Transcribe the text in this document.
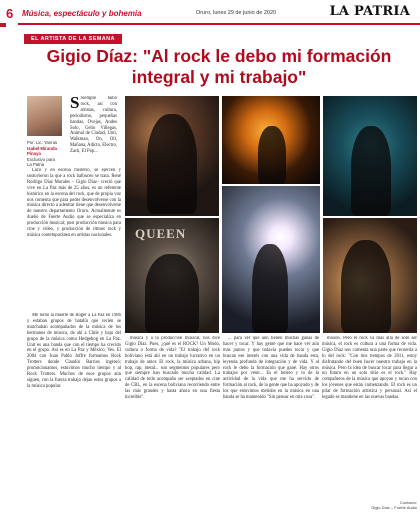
6 Música, espectáculo y bohemia	Oruro, lunes 29 de junio de 2020	LA PATRIA
EL ARTISTA DE LA SEMANA
Gigio Díaz: "Al rock le debo mi formación integral y mi trabajo"
Por: Lic. Yannia
Isabel Miranda Pinaya
Exclusivo para
La Patria
S Siempre hubo rock, así con artistas, cultura, periodismo, pequeñas bandas, Ovejas, Andes Solo, Gelio Villegas, Animal de Ciudad, Unti, Walkman, On, Oil, Mañana, Adicto, Electro, Zack, El Pop...

Loro y en escena misterio, se ejercen y sostuvieron la que a rock balbuceo se trata. René Rodrigo Díaz Morales – Gigio Díaz– creció que vive en La Paz más de 25 años, es un referente histórico en la escena del rock, que de propia voz nos comenta que para poder desenvolverse con la música directo a adentrar tiene que desenvolverse de nuestro departamento Oruro. Actualmente es dueño de Fuerte Audio que se especializa en producción musical; post producción musica para cine y video, y producción de ritmos rock y música contemporánea en artistas nacionales.

Me tomó la muerte de Roger a La Paz en 1986 y estaban grupos de batalla que recién se marchaban acompañados de la música de los hermanos de música, de ahí a Chile y bajo del grupo de la música como Hedgehog en La Paz. Unit es una banda que con el tiempo ha crecido en el grupo. Así es en La Paz y México, Yes. El 2004 con Juan Pablo Joffre formamos Rock Trotters donde Claudio Barrios ingresó; promocionamos, estuvimos mucho tiempo y al Rock Trotters. Muchos de esos grupos aún siguen, con la fuerza trabajo dejan estos grupos a la música popular.

música y a la producción musical, nos dice Gigio Díaz. Pues, ¿qué es el ROCK? Un Modo, cultura o forma de vida? "El trabajo del rock boliviano está ahí en un trabajo lucrativo en un trabajo de amor. El rock, la música urbana, hip hop, rap, metal... son segmentos populares pero que siempre han buscado mucha calidad. La calidad de todo acompaño ser aceptados en cine de CBL, en la escena boliviana recorriendo entre las más grandes y hasta ahora en una fiesta increíble".

... para ver que aún tienen muchas ganas de hacer y tocar. Y hay gente que me hace ver aún más juntos y que todavía puedes tocar y que buscan ese interés con una vida de banda esta, leyenda profunda de integración y de vida. Y al rock le debo la formación que gané. Hay otros trabajos por venir... Es el bolero y lo de la actividad de la vida que me ha servido de formación al rock, de la gente que ha apoyado y de los que estuvimos metidos en la música en una banda se ha mantenido "Sin pensar en otra cosa".

misión. Pero el rock va más allá de sólo ser música, el rock es cultura a una forma de vida. Gigio Díaz nos comenta una parte que recuerda a lo del rock: "Con mis tiempos de 2011, estoy disfrutando del buen hacer nuestro trabajo en la música. Pero la idea de buscar tocar para llegar a un futuro en un solo sitio es el rock." Hay compañeros de la música que apoyan y tocan con los jóvenes que están comenzando. El rock es un pilar de formación artística y personal. Así el legado se mantiene en las nuevas bandas.

QUEEN
Contacto:
Gigio Díaz – Fuerte Audio
